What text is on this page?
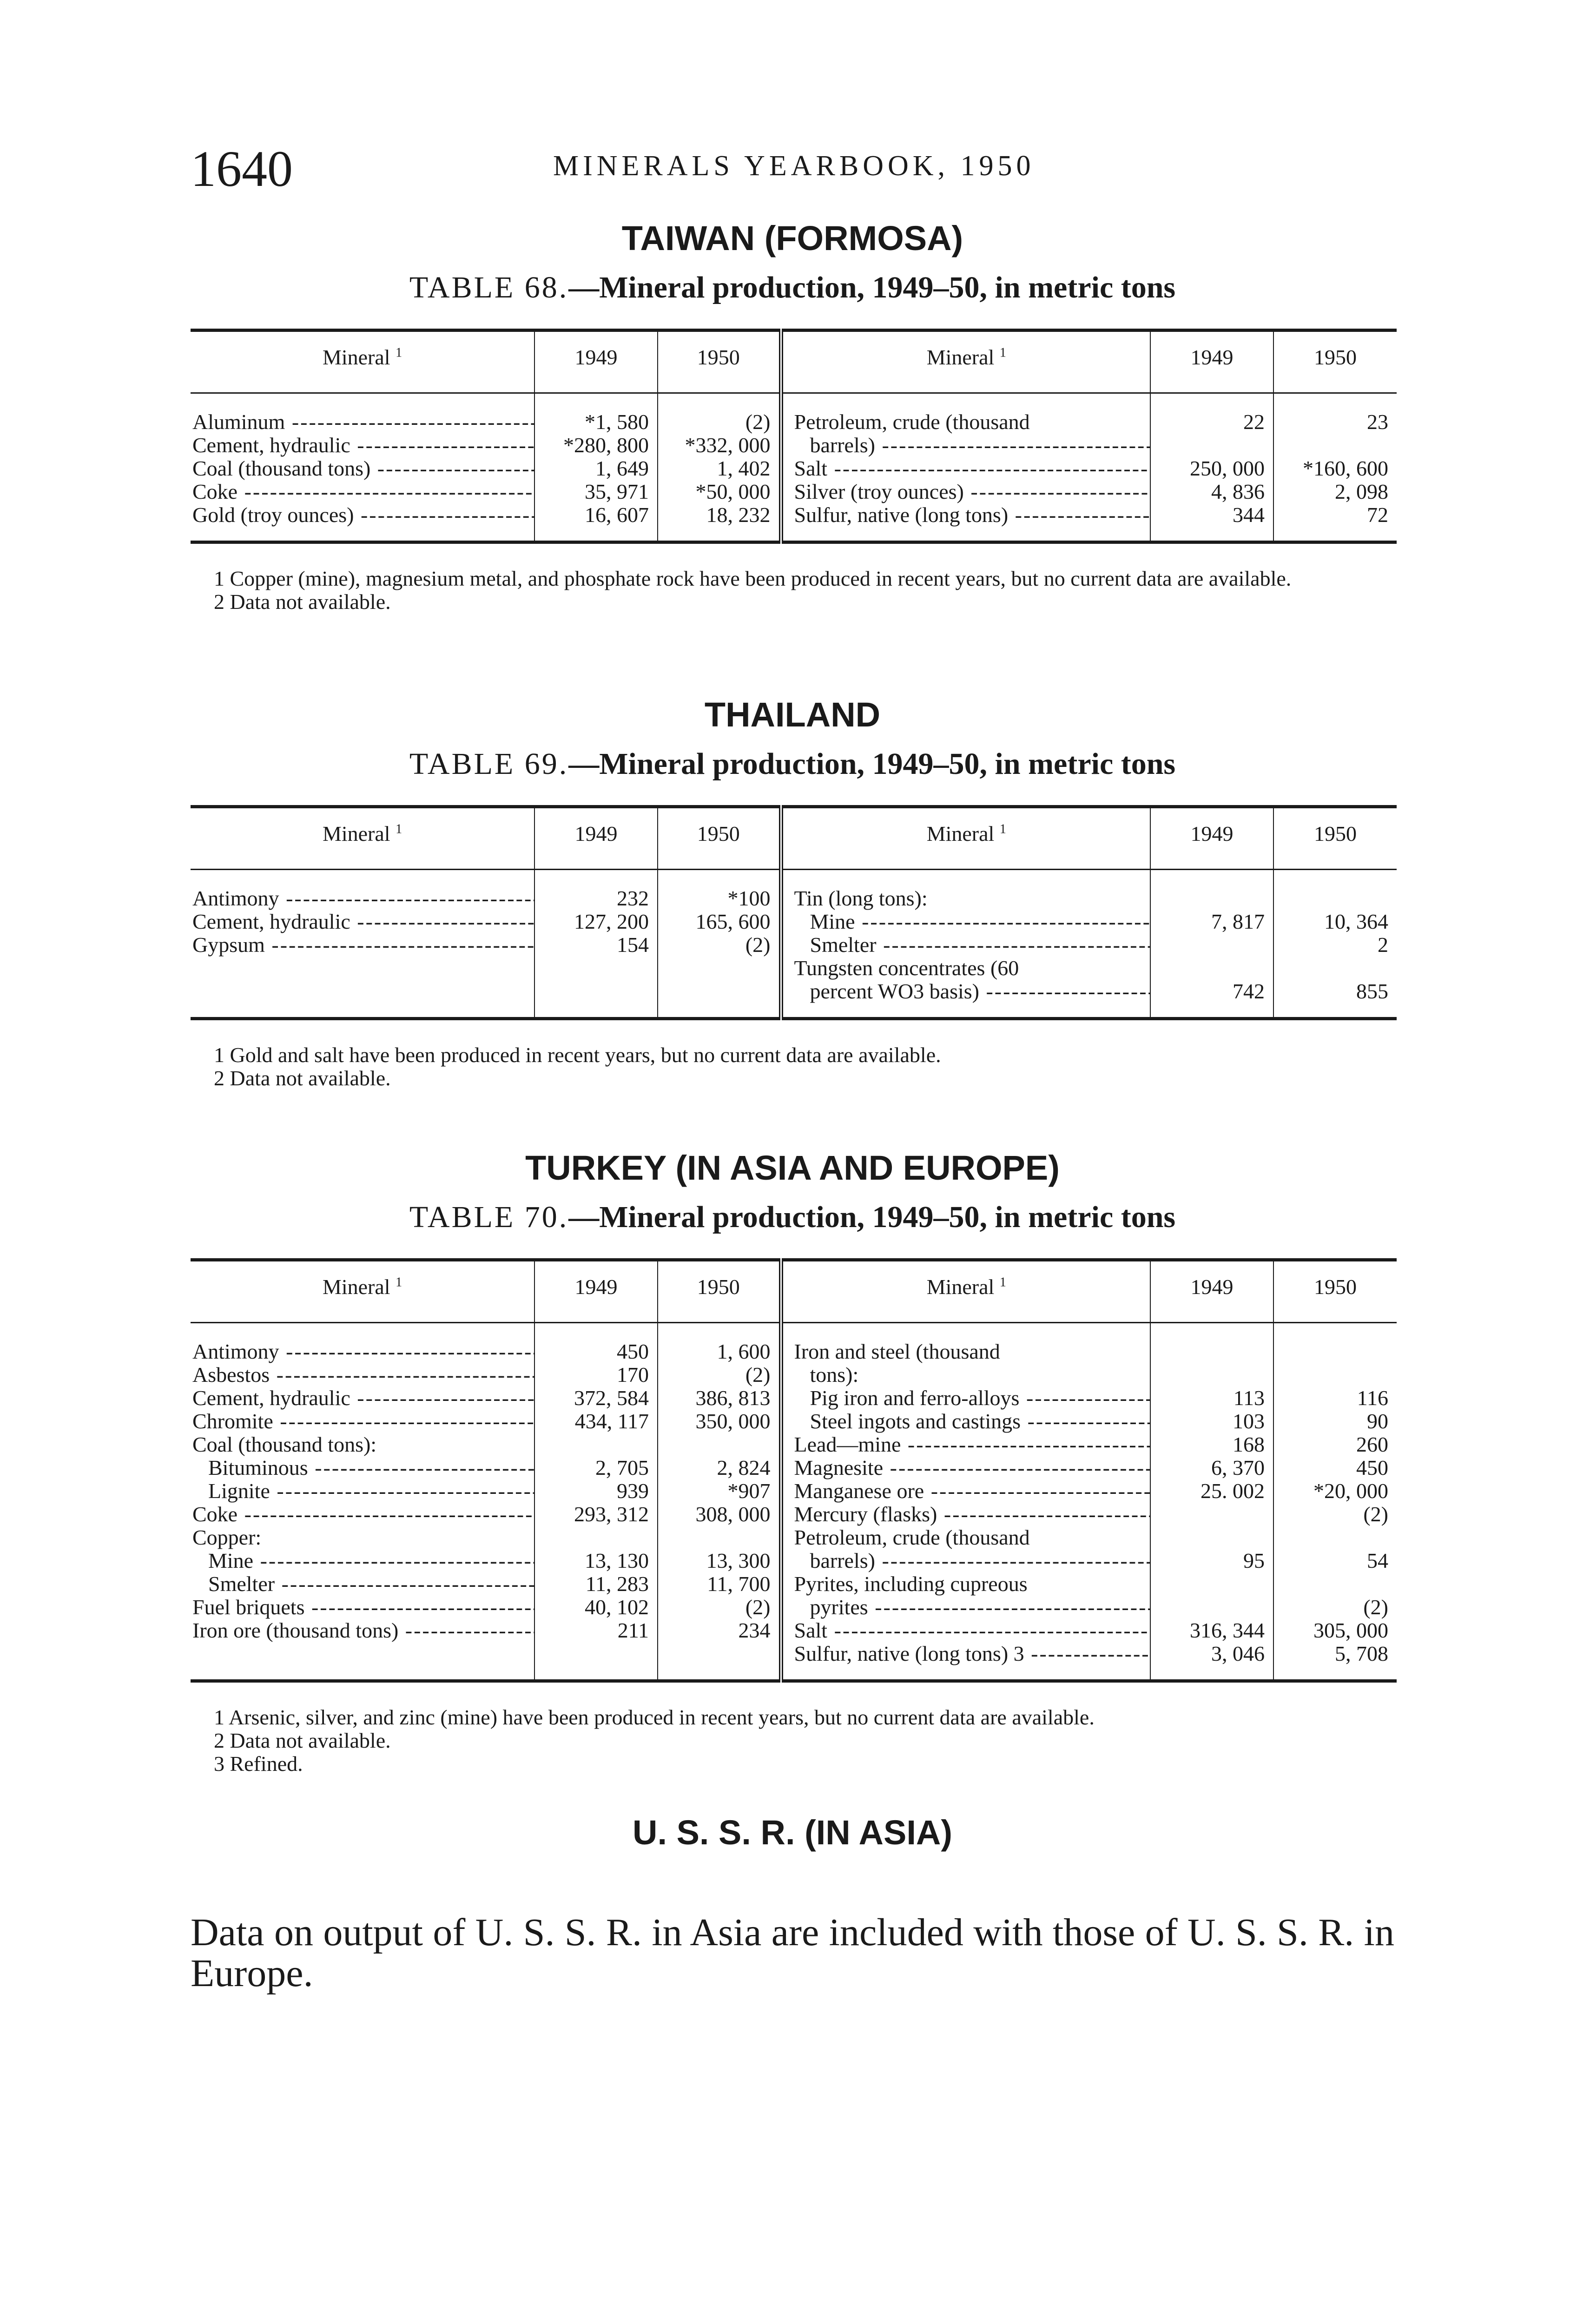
1640	MINERALS YEARBOOK, 1950
TAIWAN (FORMOSA)
TABLE 68.—Mineral production, 1949–50, in metric tons
Mineral $^1$	1949	1950	Mineral $^1$	1949	1950
Aluminum -----	*1, 580	(2)	Petroleum, crude (thousand	22	23
Cement, hydraulic -----	*280, 800	*332, 000	barrels) -----		
Coal (thousand tons) -----	1, 649	1, 402	Salt -----	250, 000	*160, 600
Coke -----	35, 971	*50, 000	Silver (troy ounces) -----	4, 836	2, 098
Gold (troy ounces) -----	16, 607	18, 232	Sulfur, native (long tons) -----	344	72

1 Copper (mine), magnesium metal, and phosphate rock have been produced in recent years, but no current data are available.

2 Data not available.

THAILAND
TABLE 69.—Mineral production, 1949–50, in metric tons
Mineral $^1$	1949	1950	Mineral $^1$	1949	1950
Antimony -----	232	*100	Tin (long tons):		
Cement, hydraulic -----	127, 200	165, 600	Mine -----	7, 817	10, 364
Gypsum -----	154	(2)	Smelter -----		2
			Tungsten concentrates (60		
			percent WO3 basis) -----	742	855

1 Gold and salt have been produced in recent years, but no current data are available.

2 Data not available.

TURKEY (IN ASIA AND EUROPE)
TABLE 70.—Mineral production, 1949–50, in metric tons
Mineral $^1$	1949	1950	Mineral $^1$	1949	1950
Antimony -----	450	1, 600	Iron and steel (thousand		
Asbestos -----	170	(2)	tons):		
Cement, hydraulic -----	372, 584	386, 813	Pig iron and ferro-alloys -----	113	116
Chromite -----	434, 117	350, 000	Steel ingots and castings -----	103	90
Coal (thousand tons):			Lead—mine -----	168	260
Bituminous -----	2, 705	2, 824	Magnesite -----	6, 370	450
Lignite -----	939	*907	Manganese ore -----	25. 002	*20, 000
Coke -----	293, 312	308, 000	Mercury (flasks) -----		(2)
Copper:			Petroleum, crude (thousand		
Mine -----	13, 130	13, 300	barrels) -----	95	54
Smelter -----	11, 283	11, 700	Pyrites, including cupreous		
Fuel briquets -----	40, 102	(2)	pyrites -----		(2)
Iron ore (thousand tons) -----	211	234	Salt -----	316, 344	305, 000
			Sulfur, native (long tons) 3 -----	3, 046	5, 708

1 Arsenic, silver, and zinc (mine) have been produced in recent years, but no current data are available.

2 Data not available.

3 Refined.

U. S. S. R. (IN ASIA)

Data on output of U. S. S. R. in Asia are included with those of U. S. S. R. in Europe.
